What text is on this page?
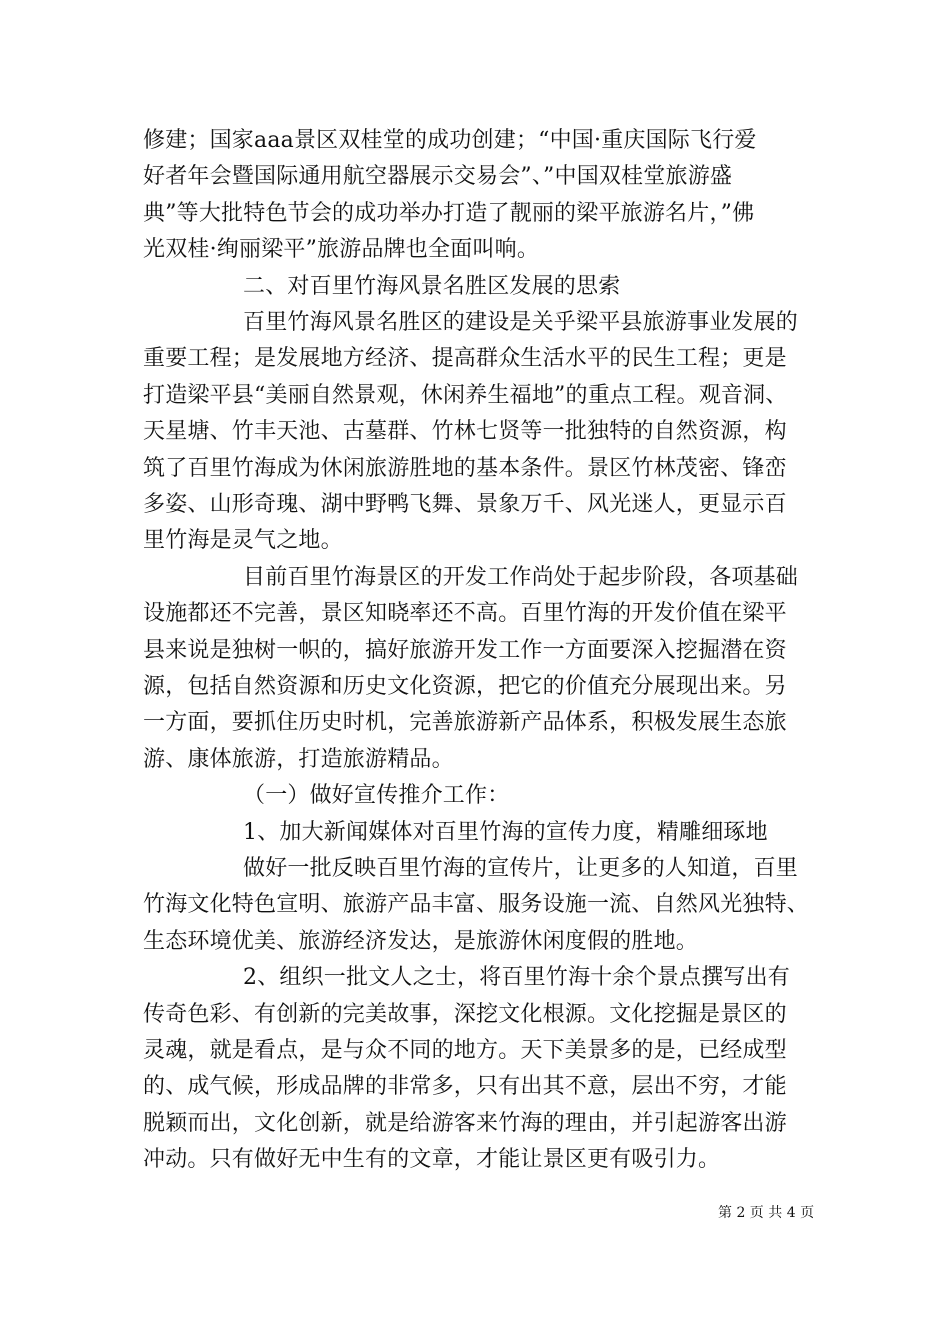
修建；国家aaa景区双桂堂的成功创建；“中国·重庆国际飞行爱
好者年会暨国际通用航空器展示交易会”、”中国双桂堂旅游盛
典”等大批特色节会的成功举办打造了靓丽的梁平旅游名片，”佛
光双桂·绚丽梁平”旅游品牌也全面叫响。
二、对百里竹海风景名胜区发展的思索
百里竹海风景名胜区的建设是关乎梁平县旅游事业发展的
重要工程；是发展地方经济、提高群众生活水平的民生工程；更是
打造梁平县“美丽自然景观，休闲养生福地”的重点工程。观音洞、
天星塘、竹丰天池、古墓群、竹林七贤等一批独特的自然资源，构
筑了百里竹海成为休闲旅游胜地的基本条件。景区竹林茂密、锋峦
多姿、山形奇瑰、湖中野鸭飞舞、景象万千、风光迷人，更显示百
里竹海是灵气之地。
目前百里竹海景区的开发工作尚处于起步阶段，各项基础
设施都还不完善，景区知晓率还不高。百里竹海的开发价值在梁平
县来说是独树一帜的，搞好旅游开发工作一方面要深入挖掘潜在资
源，包括自然资源和历史文化资源，把它的价值充分展现出来。另
一方面，要抓住历史时机，完善旅游新产品体系，积极发展生态旅
游、康体旅游，打造旅游精品。
（一）做好宣传推介工作：
1、加大新闻媒体对百里竹海的宣传力度，精雕细琢地
做好一批反映百里竹海的宣传片，让更多的人知道，百里
竹海文化特色宣明、旅游产品丰富、服务设施一流、自然风光独特、
生态环境优美、旅游经济发达，是旅游休闲度假的胜地。
2、组织一批文人之士，将百里竹海十余个景点撰写出有
传奇色彩、有创新的完美故事，深挖文化根源。文化挖掘是景区的
灵魂，就是看点，是与众不同的地方。天下美景多的是，已经成型
的、成气候，形成品牌的非常多，只有出其不意，层出不穷，才能
脱颖而出，文化创新，就是给游客来竹海的理由，并引起游客出游
冲动。只有做好无中生有的文章，才能让景区更有吸引力。
第 2 页 共 4 页
